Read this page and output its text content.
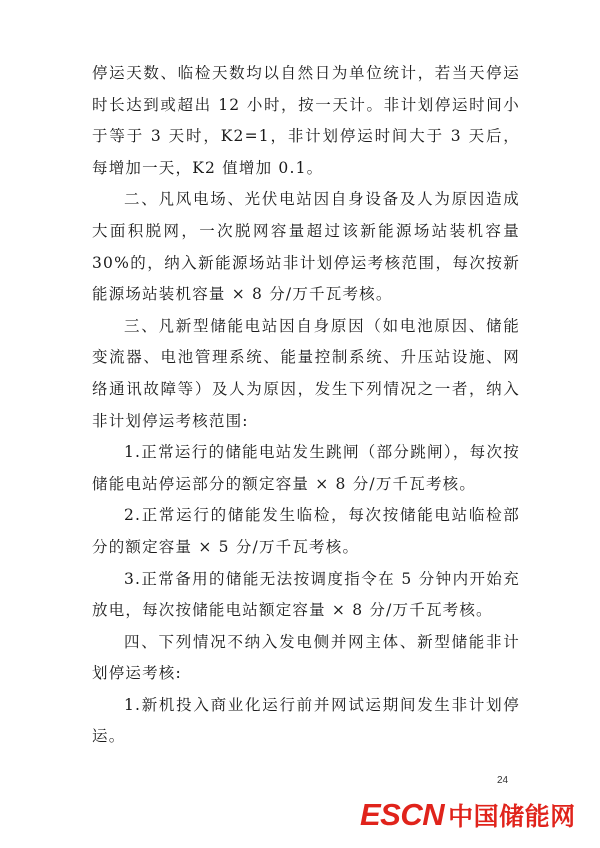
停运天数、临检天数均以自然日为单位统计，若当天停运时长达到或超出 12 小时，按一天计。非计划停运时间小于等于 3 天时，K2=1，非计划停运时间大于 3 天后，每增加一天，K2 值增加 0.1。

二、凡风电场、光伏电站因自身设备及人为原因造成大面积脱网，一次脱网容量超过该新能源场站装机容量 30%的，纳入新能源场站非计划停运考核范围，每次按新能源场站装机容量 × 8 分/万千瓦考核。

三、凡新型储能电站因自身原因（如电池原因、储能变流器、电池管理系统、能量控制系统、升压站设施、网络通讯故障等）及人为原因，发生下列情况之一者，纳入非计划停运考核范围:

1.正常运行的储能电站发生跳闸（部分跳闸），每次按储能电站停运部分的额定容量 × 8 分/万千瓦考核。

2.正常运行的储能发生临检，每次按储能电站临检部分的额定容量 × 5 分/万千瓦考核。

3.正常备用的储能无法按调度指令在 5 分钟内开始充放电，每次按储能电站额定容量 × 8 分/万千瓦考核。

四、下列情况不纳入发电侧并网主体、新型储能非计划停运考核:

1.新机投入商业化运行前并网试运期间发生非计划停运。

24
ESCN 中国储能网
